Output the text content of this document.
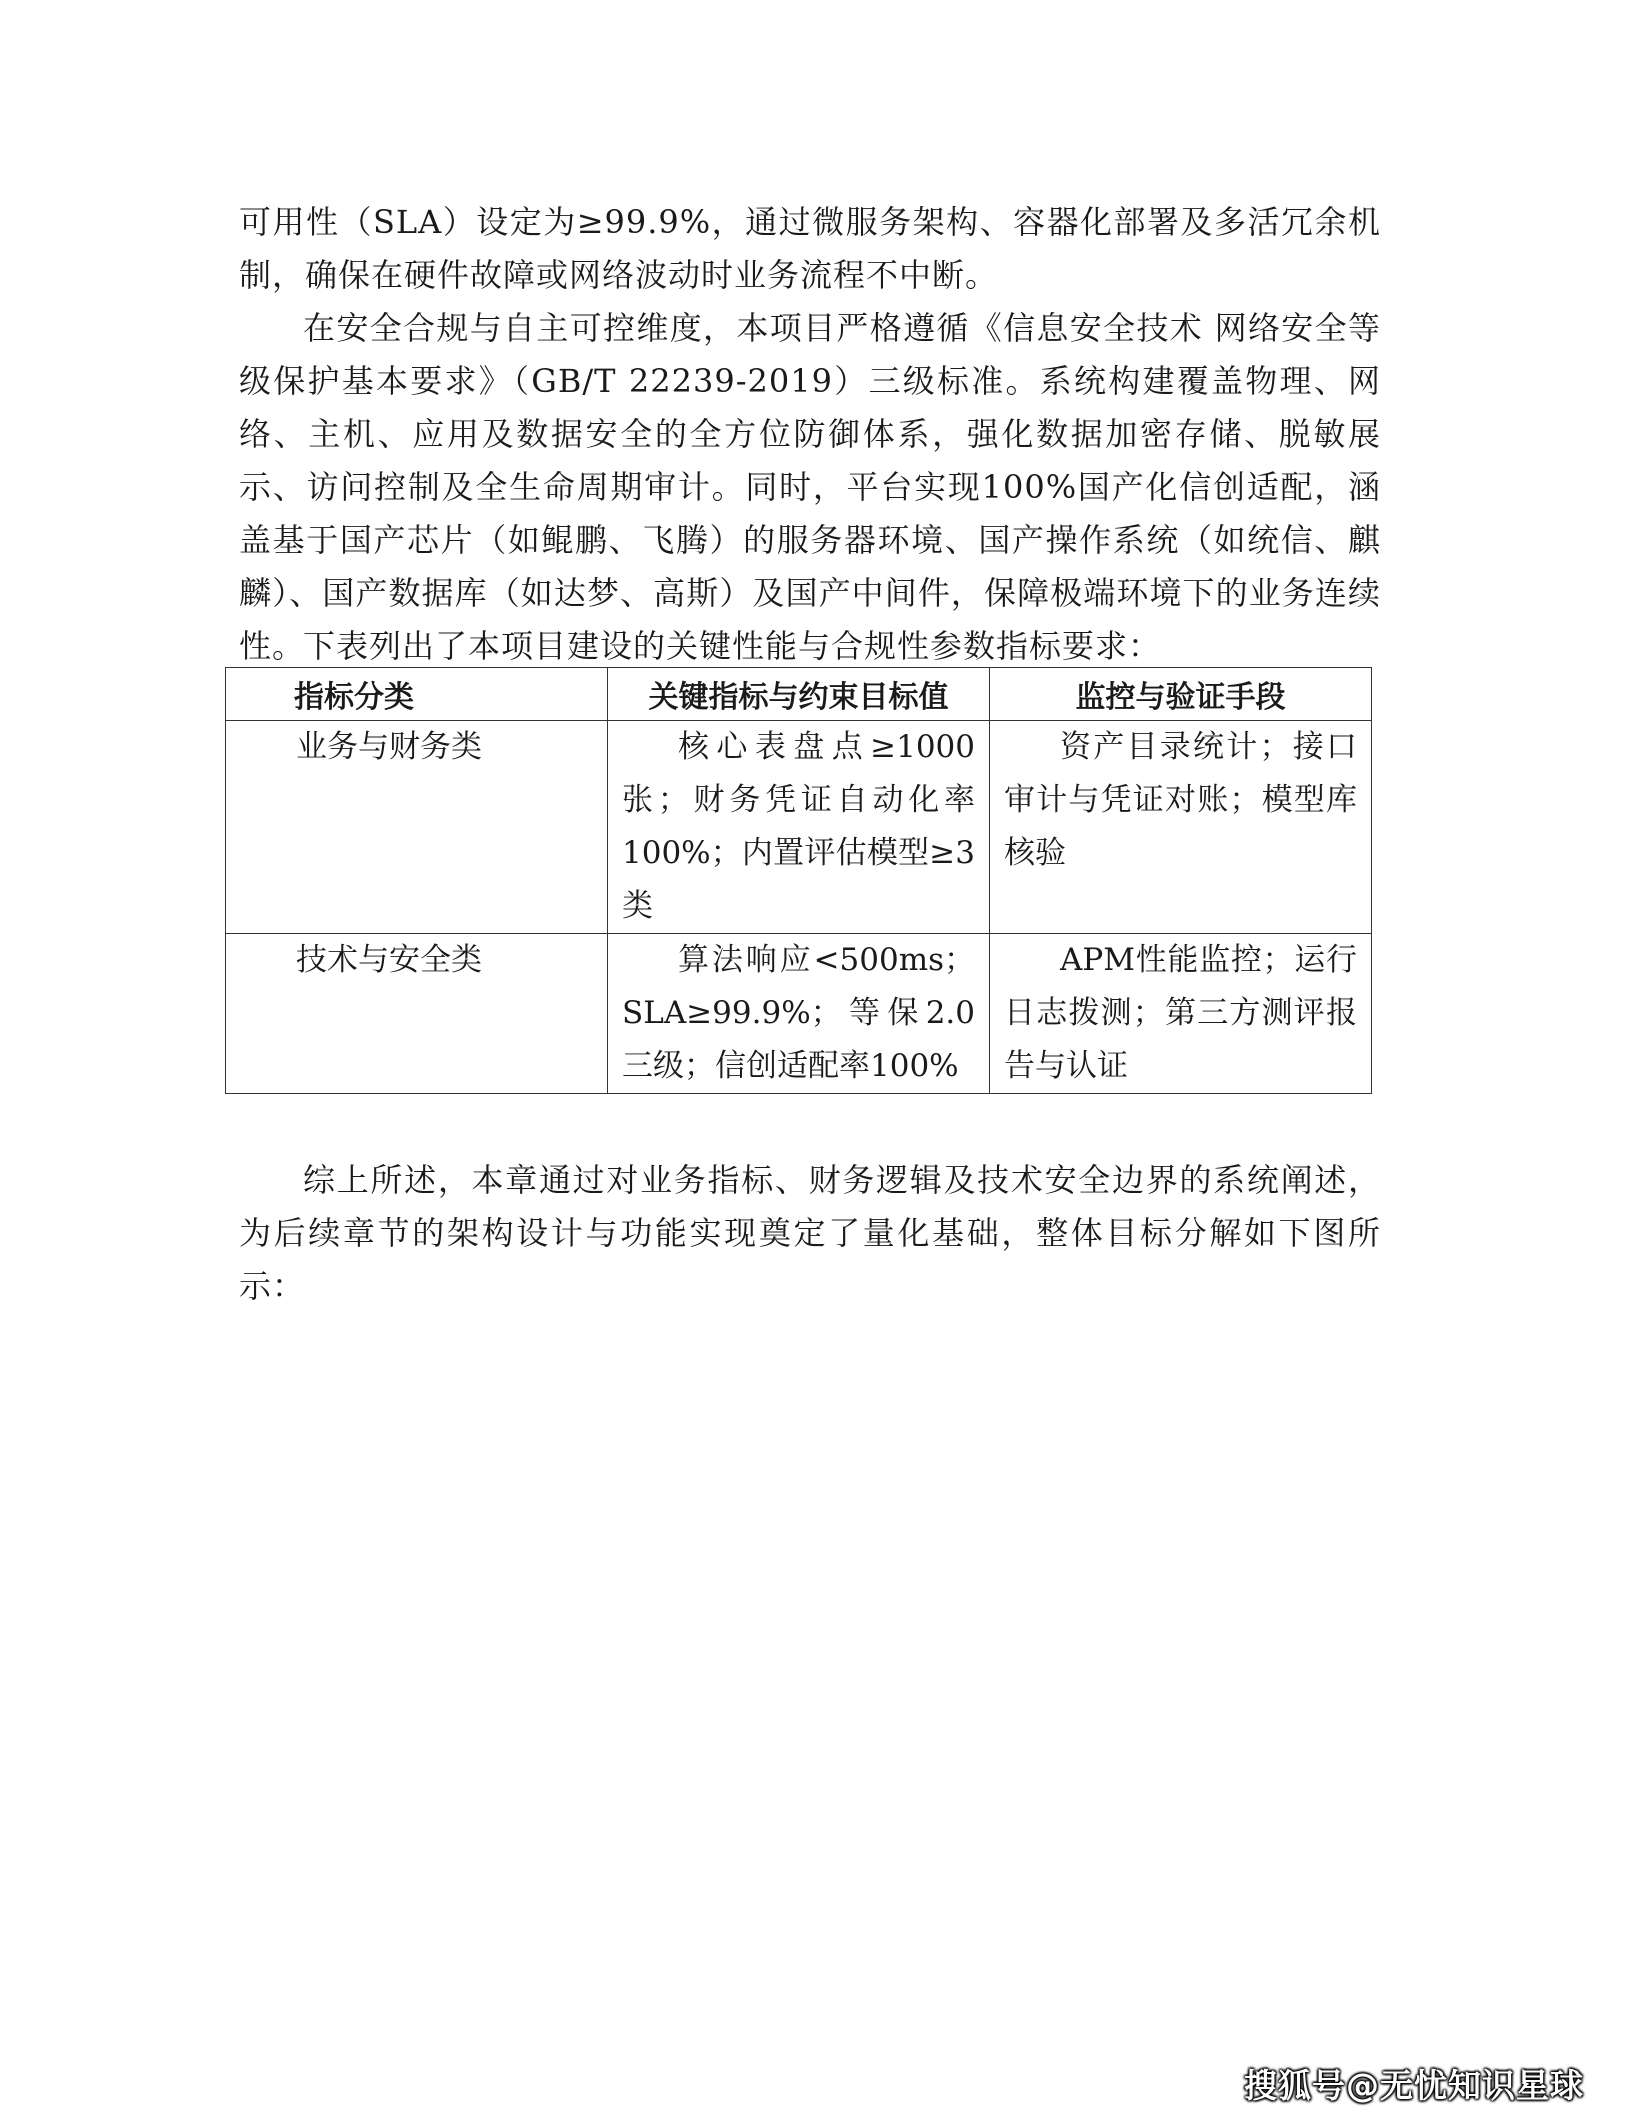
可用性（SLA）设定为≥99.9%，通过微服务架构、容器化部署及多活冗余机制，确保在硬件故障或网络波动时业务流程不中断。

在安全合规与自主可控维度，本项目严格遵循《信息安全技术 网络安全等级保护基本要求》（GB/T 22239-2019）三级标准。系统构建覆盖物理、网络、主机、应用及数据安全的全方位防御体系，强化数据加密存储、脱敏展示、访问控制及全生命周期审计。同时，平台实现100%国产化信创适配，涵盖基于国产芯片（如鲲鹏、飞腾）的服务器环境、国产操作系统（如统信、麒麟）、国产数据库（如达梦、高斯）及国产中间件，保障极端环境下的业务连续性。

下表列出了本项目建设的关键性能与合规性参数指标要求：

指标分类	关键指标与约束目标值	监控与验证手段
业务与财务类	核心表盘点≥1000张；财务凭证自动化率100%；内置评估模型≥3类	资产目录统计；接口审计与凭证对账；模型库核验
技术与安全类	算法响应<500ms；SLA≥99.9%；等保2.0三级；信创适配率100%	APM性能监控；运行日志拨测；第三方测评报告与认证

综上所述，本章通过对业务指标、财务逻辑及技术安全边界的系统阐述，为后续章节的架构设计与功能实现奠定了量化基础，整体目标分解如下图所示：

搜狐号@无忧知识星球
